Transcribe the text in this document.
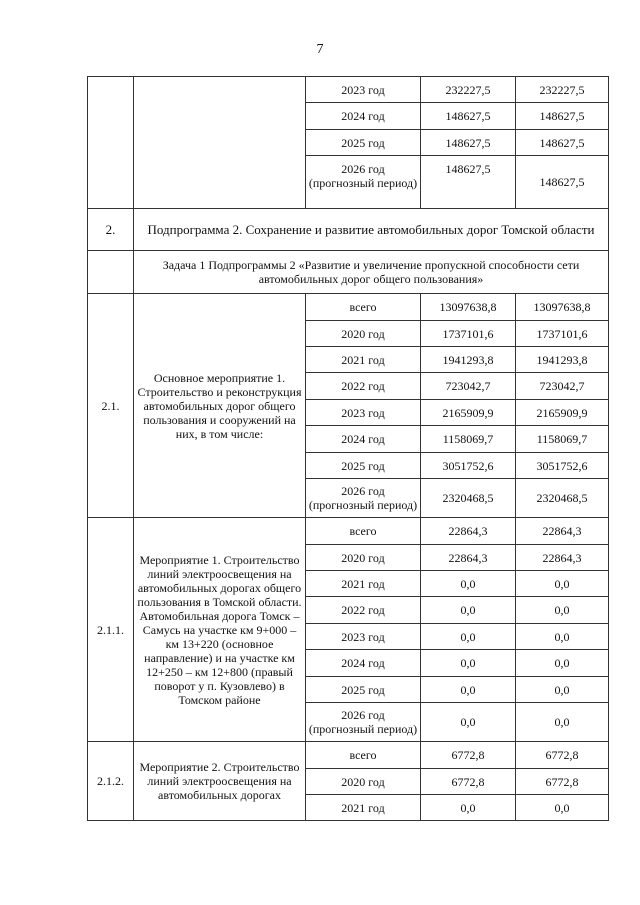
7
		2023 год	232227,5	232227,5
		2024 год	148627,5	148627,5
		2025 год	148627,5	148627,5
		2026 год (прогнозный период)	148627,5	148627,5
2.	Подпрограмма 2. Сохранение и развитие автомобильных дорог Томской области			
	Задача 1 Подпрограммы 2 «Развитие и увеличение пропускной способности сети автомобильных дорог общего пользования»			
2.1.	Основное мероприятие 1. Строительство и реконструкция автомобильных дорог общего пользования и сооружений на них, в том числе:	всего	13097638,8	13097638,8
		2020 год	1737101,6	1737101,6
		2021 год	1941293,8	1941293,8
		2022 год	723042,7	723042,7
		2023 год	2165909,9	2165909,9
		2024 год	1158069,7	1158069,7
		2025 год	3051752,6	3051752,6
		2026 год (прогнозный период)	2320468,5	2320468,5
2.1.1.	Мероприятие 1. Строительство линий электроосвещения на автомобильных дорогах общего пользования в Томской области. Автомобильная дорога Томск – Самусь на участке км 9+000 – км 13+220 (основное направление) и на участке км 12+250 – км 12+800 (правый поворот у п. Кузовлево) в Томском районе	всего	22864,3	22864,3
		2020 год	22864,3	22864,3
		2021 год	0,0	0,0
		2022 год	0,0	0,0
		2023 год	0,0	0,0
		2024 год	0,0	0,0
		2025 год	0,0	0,0
		2026 год (прогнозный период)	0,0	0,0
2.1.2.	Мероприятие 2. Строительство линий электроосвещения на автомобильных дорогах	всего	6772,8	6772,8
		2020 год	6772,8	6772,8
		2021 год	0,0	0,0
